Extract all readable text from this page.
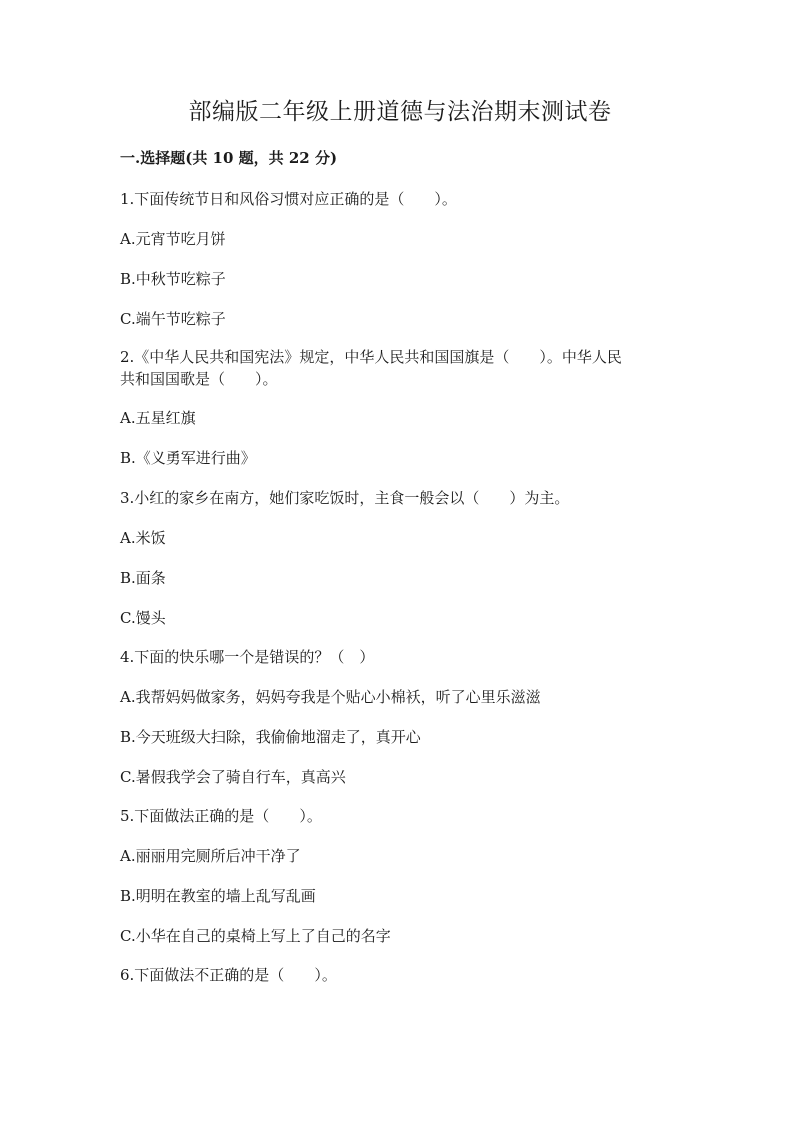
部编版二年级上册道德与法治期末测试卷
一.选择题(共 10 题，共 22 分)
1.下面传统节日和风俗习惯对应正确的是（　　）。
A.元宵节吃月饼
B.中秋节吃粽子
C.端午节吃粽子
2.《中华人民共和国宪法》规定，中华人民共和国国旗是（　　）。中华人民
共和国国歌是（　　）。
A.五星红旗
B.《义勇军进行曲》
3.小红的家乡在南方，她们家吃饭时，主食一般会以（　　）为主。
A.米饭
B.面条
C.馒头
4.下面的快乐哪一个是错误的？（　）
A.我帮妈妈做家务，妈妈夸我是个贴心小棉袄，听了心里乐滋滋
B.今天班级大扫除，我偷偷地溜走了，真开心
C.暑假我学会了骑自行车，真高兴
5.下面做法正确的是（　　）。
A.丽丽用完厕所后冲干净了
B.明明在教室的墙上乱写乱画
C.小华在自己的桌椅上写上了自己的名字
6.下面做法不正确的是（　　）。
